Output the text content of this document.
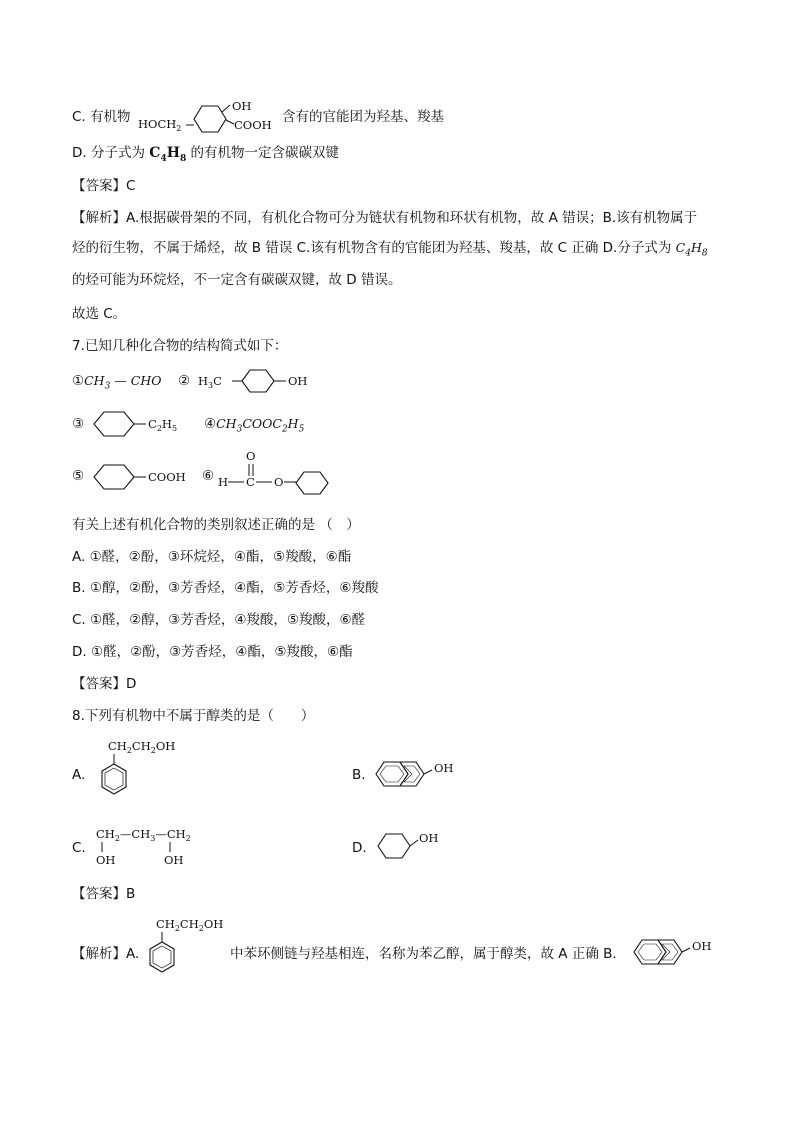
C. 有机物 $HOCH_2$
OH
COOH 含有的官能团为羟基、羧基
D. 分子式为 $C_4H_8$ 的有机物一定含碳碳双键
【答案】C
【解析】A.根据碳骨架的不同，有机化合物可分为链状有机物和环状有机物，故 A 错误；B.该有机物属于
烃的衍生物，不属于烯烃，故 B 错误 C.该有机物含有的官能团为羟基、羧基，故 C 正确 D.分子式为 $C_4H_8$
的烃可能为环烷烃，不一定含有碳碳双键，故 D 错误。
故选 C。
7.已知几种化合物的结构简式如下：
$①CH_3$ — CHO ② $H_3C$	OH
③	$C_2H_5$ $④CH_3COOC_2H_5$
⑤	COOH ⑥
O
H C O
有关上述有机化合物的类别叙述正确的是 （　）
A. ①醛，②酚，③环烷烃，④酯，⑤羧酸，⑥酯
B. ①醇，②酚，③芳香烃，④酯，⑤芳香烃，⑥羧酸
C. ①醛，②醇，③芳香烃，④羧酸，⑤羧酸，⑥醛
D. ①醛，②酚，③芳香烃，④酯，⑤羧酸，⑥酯
【答案】D
8.下列有机物中不属于醇类的是（　　）
A.
$CH_2CH_2OH$
B.	OH
C.
$CH_2—CH_3—CH_2$
OH	OH
D.
OH
【答案】B
【解析】A.
$CH_2CH_2OH$
中苯环侧链与羟基相连，名称为苯乙醇，属于醇类，故 A 正确 B.	OH
